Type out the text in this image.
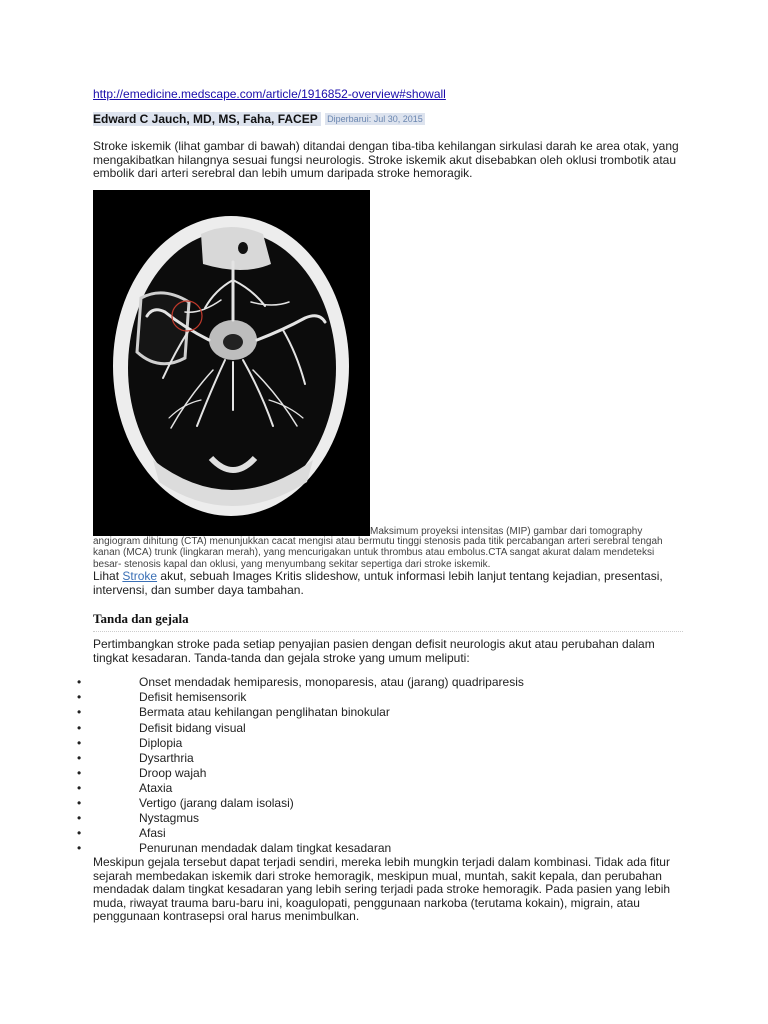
http://emedicine.medscape.com/article/1916852-overview#showall
Edward C Jauch, MD, MS, Faha, FACEP Diperbarui: Jul 30, 2015
Stroke iskemik (lihat gambar di bawah) ditandai dengan tiba-tiba kehilangan sirkulasi darah ke area otak, yang mengakibatkan hilangnya sesuai fungsi neurologis. Stroke iskemik akut disebabkan oleh oklusi trombotik atau embolik dari arteri serebral dan lebih umum daripada stroke hemoragik.
Maksimum proyeksi intensitas (MIP) gambar dari tomography
angiogram dihitung (CTA) menunjukkan cacat mengisi atau bermutu tinggi stenosis pada titik percabangan arteri serebral tengah kanan (MCA) trunk (lingkaran merah), yang mencurigakan untuk thrombus atau embolus.CTA sangat akurat dalam mendeteksi besar- stenosis kapal dan oklusi, yang menyumbang sekitar sepertiga dari stroke iskemik.
Lihat Stroke akut, sebuah Images Kritis slideshow, untuk informasi lebih lanjut tentang kejadian, presentasi, intervensi, dan sumber daya tambahan.
Tanda dan gejala
Pertimbangkan stroke pada setiap penyajian pasien dengan defisit neurologis akut atau perubahan dalam tingkat kesadaran. Tanda-tanda dan gejala stroke yang umum meliputi:
•	Onset mendadak hemiparesis, monoparesis, atau (jarang) quadriparesis
•	Defisit hemisensorik
•	Bermata atau kehilangan penglihatan binokular
•	Defisit bidang visual
•	Diplopia
•	Dysarthria
•	Droop wajah
•	Ataxia
•	Vertigo (jarang dalam isolasi)
•	Nystagmus
•	Afasi
•	Penurunan mendadak dalam tingkat kesadaran
Meskipun gejala tersebut dapat terjadi sendiri, mereka lebih mungkin terjadi dalam kombinasi. Tidak ada fitur sejarah membedakan iskemik dari stroke hemoragik, meskipun mual, muntah, sakit kepala, dan perubahan mendadak dalam tingkat kesadaran yang lebih sering terjadi pada stroke hemoragik. Pada pasien yang lebih muda, riwayat trauma baru-baru ini, koagulopati, penggunaan narkoba (terutama kokain), migrain, atau penggunaan kontrasepsi oral harus menimbulkan.
